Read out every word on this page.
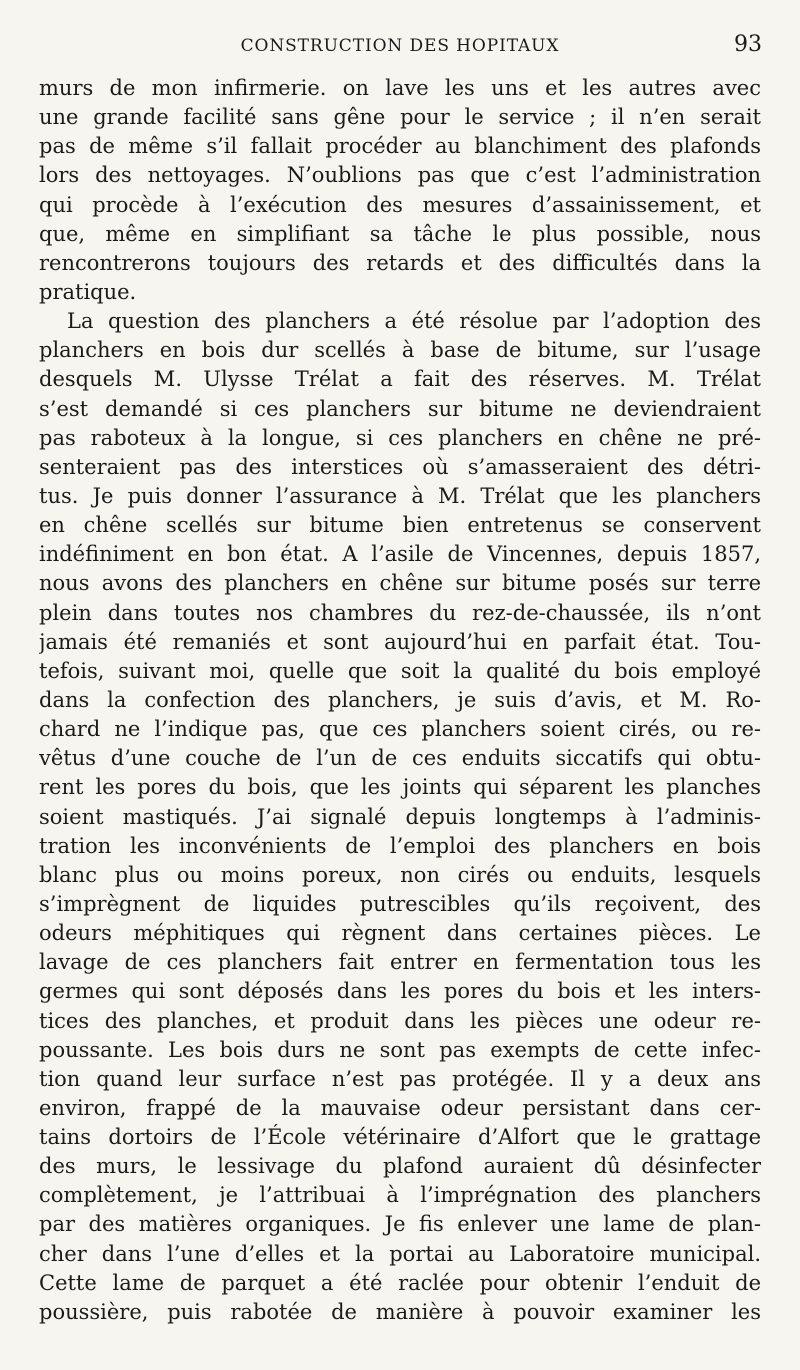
CONSTRUCTION DES HOPITAUX	93
murs de mon infirmerie. on lave les uns et les autres avec
une grande facilité sans gêne pour le service ; il n’en serait
pas de même s’il fallait procéder au blanchiment des plafonds
lors des nettoyages. N’oublions pas que c’est l’administration
qui procède à l’exécution des mesures d’assainissement, et
que, même en simplifiant sa tâche le plus possible, nous
rencontrerons toujours des retards et des difficultés dans la
pratique.
La question des planchers a été résolue par l’adoption des
planchers en bois dur scellés à base de bitume, sur l’usage
desquels M. Ulysse Trélat a fait des réserves. M. Trélat
s’est demandé si ces planchers sur bitume ne deviendraient
pas raboteux à la longue, si ces planchers en chêne ne pré-
senteraient pas des interstices où s’amasseraient des détri-
tus. Je puis donner l’assurance à M. Trélat que les planchers
en chêne scellés sur bitume bien entretenus se conservent
indéfiniment en bon état. A l’asile de Vincennes, depuis 1857,
nous avons des planchers en chêne sur bitume posés sur terre
plein dans toutes nos chambres du rez-de-chaussée, ils n’ont
jamais été remaniés et sont aujourd’hui en parfait état. Tou-
tefois, suivant moi, quelle que soit la qualité du bois employé
dans la confection des planchers, je suis d’avis, et M. Ro-
chard ne l’indique pas, que ces planchers soient cirés, ou re-
vêtus d’une couche de l’un de ces enduits siccatifs qui obtu-
rent les pores du bois, que les joints qui séparent les planches
soient mastiqués. J’ai signalé depuis longtemps à l’adminis-
tration les inconvénients de l’emploi des planchers en bois
blanc plus ou moins poreux, non cirés ou enduits, lesquels
s’imprègnent de liquides putrescibles qu’ils reçoivent, des
odeurs méphitiques qui règnent dans certaines pièces. Le
lavage de ces planchers fait entrer en fermentation tous les
germes qui sont déposés dans les pores du bois et les inters-
tices des planches, et produit dans les pièces une odeur re-
poussante. Les bois durs ne sont pas exempts de cette infec-
tion quand leur surface n’est pas protégée. Il y a deux ans
environ, frappé de la mauvaise odeur persistant dans cer-
tains dortoirs de l’École vétérinaire d’Alfort que le grattage
des murs, le lessivage du plafond auraient dû désinfecter
complètement, je l’attribuai à l’imprégnation des planchers
par des matières organiques. Je fis enlever une lame de plan-
cher dans l’une d’elles et la portai au Laboratoire municipal.
Cette lame de parquet a été raclée pour obtenir l’enduit de
poussière, puis rabotée de manière à pouvoir examiner les
